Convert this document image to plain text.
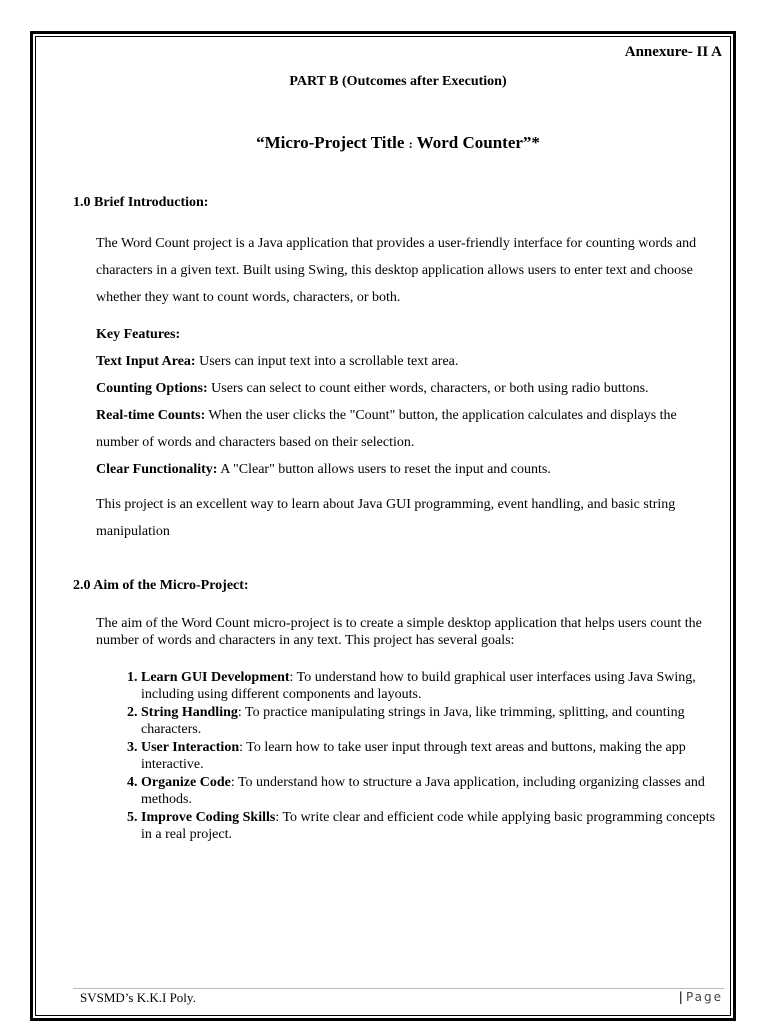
Annexure- II A
PART B (Outcomes after Execution)
“Micro-Project Title : Word Counter”*
1.0 Brief Introduction:
The Word Count project is a Java application that provides a user-friendly interface for counting words and characters in a given text. Built using Swing, this desktop application allows users to enter text and choose whether they want to count words, characters, or both.
Key Features:
Text Input Area: Users can input text into a scrollable text area.
Counting Options: Users can select to count either words, characters, or both using radio buttons.
Real-time Counts: When the user clicks the "Count" button, the application calculates and displays the
number of words and characters based on their selection.
Clear Functionality: A "Clear" button allows users to reset the input and counts.
This project is an excellent way to learn about Java GUI programming, event handling, and basic string manipulation
2.0 Aim of the Micro-Project:
The aim of the Word Count micro-project is to create a simple desktop application that helps users count the number of words and characters in any text. This project has several goals:
1. Learn GUI Development: To understand how to build graphical user interfaces using Java Swing, including using different components and layouts.
2. String Handling: To practice manipulating strings in Java, like trimming, splitting, and counting characters.
3. User Interaction: To learn how to take user input through text areas and buttons, making the app interactive.
4. Organize Code: To understand how to structure a Java application, including organizing classes and methods.
5. Improve Coding Skills: To write clear and efficient code while applying basic programming concepts in a real project.
SVSMD’s K.K.I Poly.	| Page
